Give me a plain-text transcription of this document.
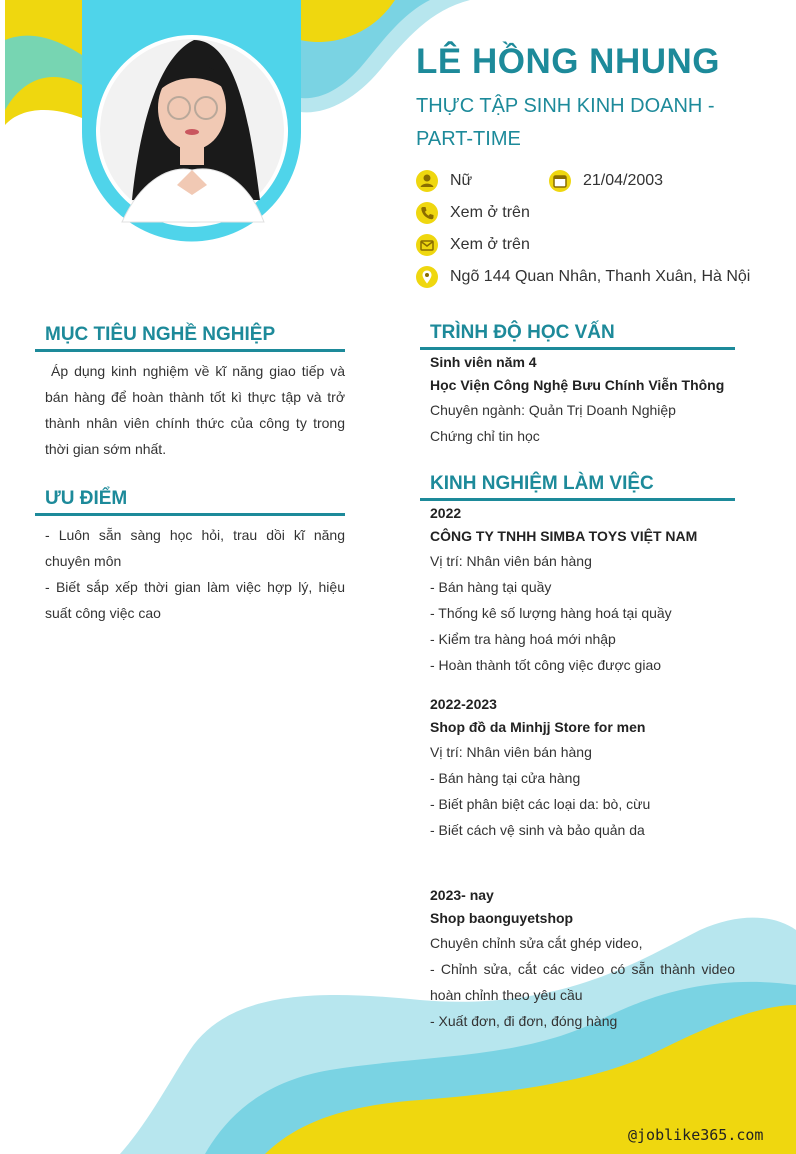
LÊ HỒNG NHUNG
THỰC TẬP SINH KINH DOANH - PART-TIME
Nữ	21/04/2003
Xem ở trên
Xem ở trên
Ngõ 144 Quan Nhân, Thanh Xuân, Hà Nội
MỤC TIÊU NGHỀ NGHIỆP
Áp dụng kinh nghiệm về kĩ năng giao tiếp và bán hàng để hoàn thành tốt kì thực tập và trở thành nhân viên chính thức của công ty trong thời gian sớm nhất.
ƯU ĐIỂM
- Luôn sẵn sàng học hỏi, trau dồi kĩ năng chuyên môn
- Biết sắp xếp thời gian làm việc hợp lý, hiệu suất công việc cao
TRÌNH ĐỘ HỌC VẤN
Sinh viên năm 4
Học Viện Công Nghệ Bưu Chính Viễn Thông
Chuyên ngành: Quản Trị Doanh Nghiệp
Chứng chỉ tin học
KINH NGHIỆM LÀM VIỆC
2022
CÔNG TY TNHH SIMBA TOYS VIỆT NAM
Vị trí: Nhân viên bán hàng
- Bán hàng tại quầy
- Thống kê số lượng hàng hoá tại quầy
- Kiểm tra hàng hoá mới nhập
- Hoàn thành tốt công việc được giao
2022-2023
Shop đồ da Minhjj Store for men
Vị trí: Nhân viên bán hàng
- Bán hàng tại cửa hàng
- Biết phân biệt các loại da: bò, cừu
- Biết cách vệ sinh và bảo quản da
2023- nay
Shop baonguyetshop
Chuyên chỉnh sửa cắt ghép video,
- Chỉnh sửa, cắt các video có sẵn thành video hoàn chỉnh theo yêu cầu
- Xuất đơn, đi đơn, đóng hàng
@joblike365.com
